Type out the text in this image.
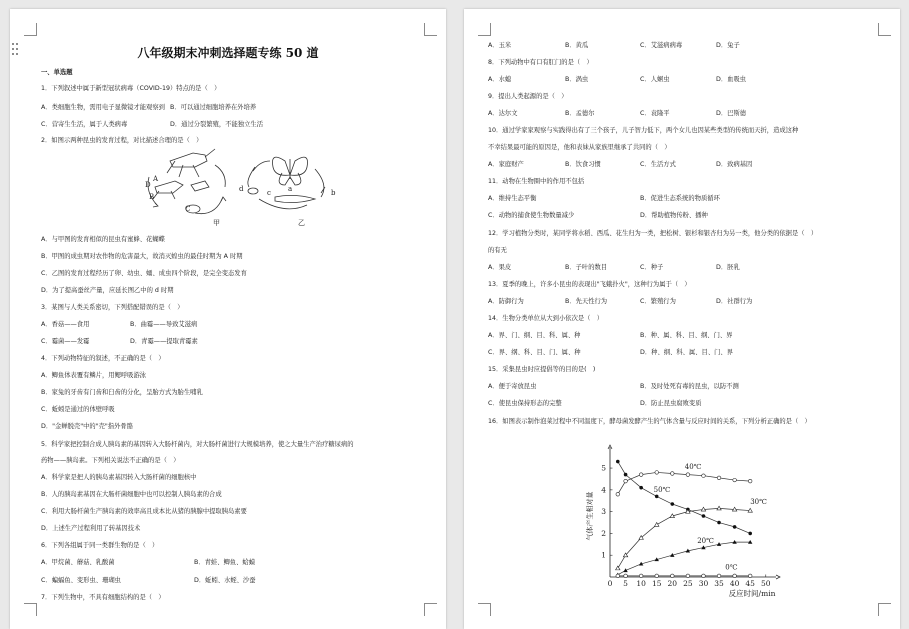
八年级期末冲刺选择题专练 50 道
一、单选题
1．下列叙述中属于新型冠状病毒（COVID-19）特点的是（　）
A．类细胞生物，需用电子显微镜才能观察到 B．可以通过细胞培养在外培养
C．营寄生生活，属于人类病毒	D．通过分裂繁殖，不能独立生活
2．如图示两种昆虫的发育过程，对比描述合理的是（　）
A
B
C
D
甲
a	b
c
d
乙
A．与甲图的发育相似的昆虫有蜜蜂、花蝴蝶
B．甲图的成虫期对农作物的危害最大，故消灭蝗虫的最佳时期为 A 时期
C．乙图的发育过程经历了卵、幼虫、蛹、成虫四个阶段，是完全变态发育
D．为了提高蚕丝产量，应延长图乙中的 d 时期
3．某图与人类关系密切，下列搭配错误的是（　）
A．香菇——食用	B．曲霉——导致艾滋病
C．霉菌——发霉	D．青霉——提取青霉素
4．下列动物特征的叙述，不正确的是（　）
A．鲫鱼体表覆有鳞片，用鳃呼吸游泳
B．家兔的牙齿有门齿和臼齿的分化，呈胎方式为胎生哺乳
C．蚯蚓是通过的体壁呼吸
D．"金蝉脱壳"中的"壳"指外骨骼
5．科学家把控制合成人胰岛素的基因转入大肠杆菌内，对大肠杆菌进行大规模培养，使之大量生产治疗糖尿病的
药物——胰岛素。下列相关说法不正确的是（　）
A．科学家是把人的胰岛素基因转入大肠杆菌的细胞核中
B．人的胰岛素基因在大肠杆菌细胞中也可以控制人胰岛素的合成
C．利用大肠杆菌生产胰岛素的效率高且成本比从猪的胰腺中提取胰岛素要
D．上述生产过程利用了转基因技术
6．下列各组属于同一类群生物的是（　）
A．甲烷菌、蘑菇、乳酸菌	B．青蛙、鲫鱼、蛤蟆
C．蝙蝠鱼、变形虫、珊瑚虫	D．蚯蚓、水蛭、沙蚕
7．下列生物中，不具有细胞结构的是（　）
A．玉米	B．黄瓜	C．艾滋病病毒	D．兔子
8．下列动物中有口有肛门的是（　）
A．水螅	B．涡虫	C．人蛔虫	D．血吸虫
9．提出人类起源的是（　）
A．达尔文	B．孟德尔	C．袁隆平	D．巴斯德
10．通过学家家观察与实践得出有了三个孩子，儿子智力低下，两个女儿也因某些类型的传统而天折，造成这种
不幸结果最可能的原因是，他和表妹从家族里继承了共同的（　）
A．家庭财产	B．饮食习惯	C．生活方式	D．致病基因
11．动物在生物圈中的作用不包括
A．维持生态平衡	B．促进生态系统的物质循环
C．动物的捕食使生物数量减少	D．帮助植物传粉、播种
12．学习植物分类时，某同学将水稻、西瓜、花生归为一类，把松树、银杉和银杏归为另一类，他分类的依据是（　）
的有无
A．果皮	B．子叶的数目	C．种子	D．胚乳
13．夏季的晚上，许多小昆虫的表现出"飞蛾扑火"，这种行为属于（　）
A．防御行为	B．先天性行为	C．繁殖行为	D．社群行为
14．生物分类单位从大到小依次是（　）
A．界、门、纲、目、科、属、种	B．种、属、科、目、纲、门、界
C．界、纲、科、目、门、属、种	D．种、纲、科、属、目、门、界
15．采集昆虫时应提倡等的目的是(　)
A．便于寄放昆虫	B．及时处死有毒的昆虫，以防不测
C．使昆虫保持形态的完整	D．防止昆虫腐败变质
16．如图表示制作泡菜过程中不同温度下，酵母菌发酵产生的气体含量与反应时间的关系，下列分析正确的是（　）
0 5 10 15 20 25 30 35 40 45 50
1
2
3
4
5
反应时间/min
气体产生相对量
40℃
50℃
30℃
20℃
0℃
